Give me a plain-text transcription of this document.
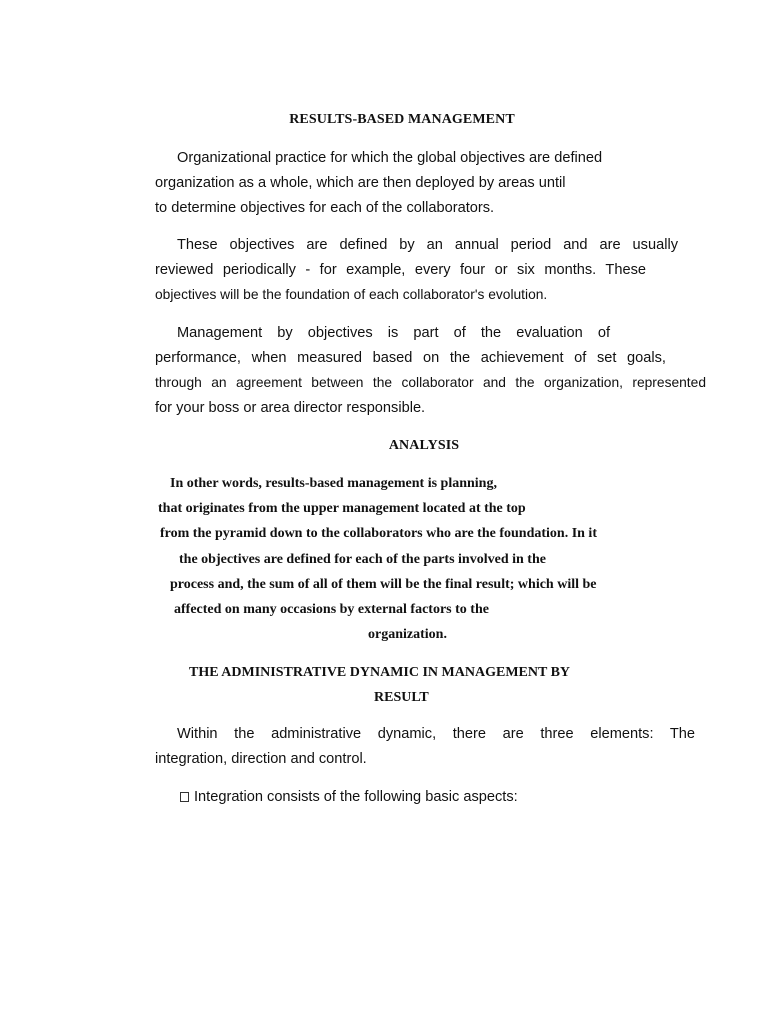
RESULTS-BASED MANAGEMENT
Organizational practice for which the global objectives are defined
organization as a whole, which are then deployed by areas until
to determine objectives for each of the collaborators.
These objectives are defined by an annual period and are usually
reviewed periodically - for example, every four or six months. These
objectives will be the foundation of each collaborator's evolution.
Management by objectives is part of the evaluation of
performance, when measured based on the achievement of set goals,
through an agreement between the collaborator and the organization, represented
for your boss or area director responsible.
ANALYSIS
In other words, results-based management is planning,
that originates from the upper management located at the top
from the pyramid down to the collaborators who are the foundation. In it
the objectives are defined for each of the parts involved in the
process and, the sum of all of them will be the final result; which will be
affected on many occasions by external factors to the
organization.
THE ADMINISTRATIVE DYNAMIC IN MANAGEMENT BY
RESULT
Within the administrative dynamic, there are three elements: The
integration, direction and control.
Integration consists of the following basic aspects:
